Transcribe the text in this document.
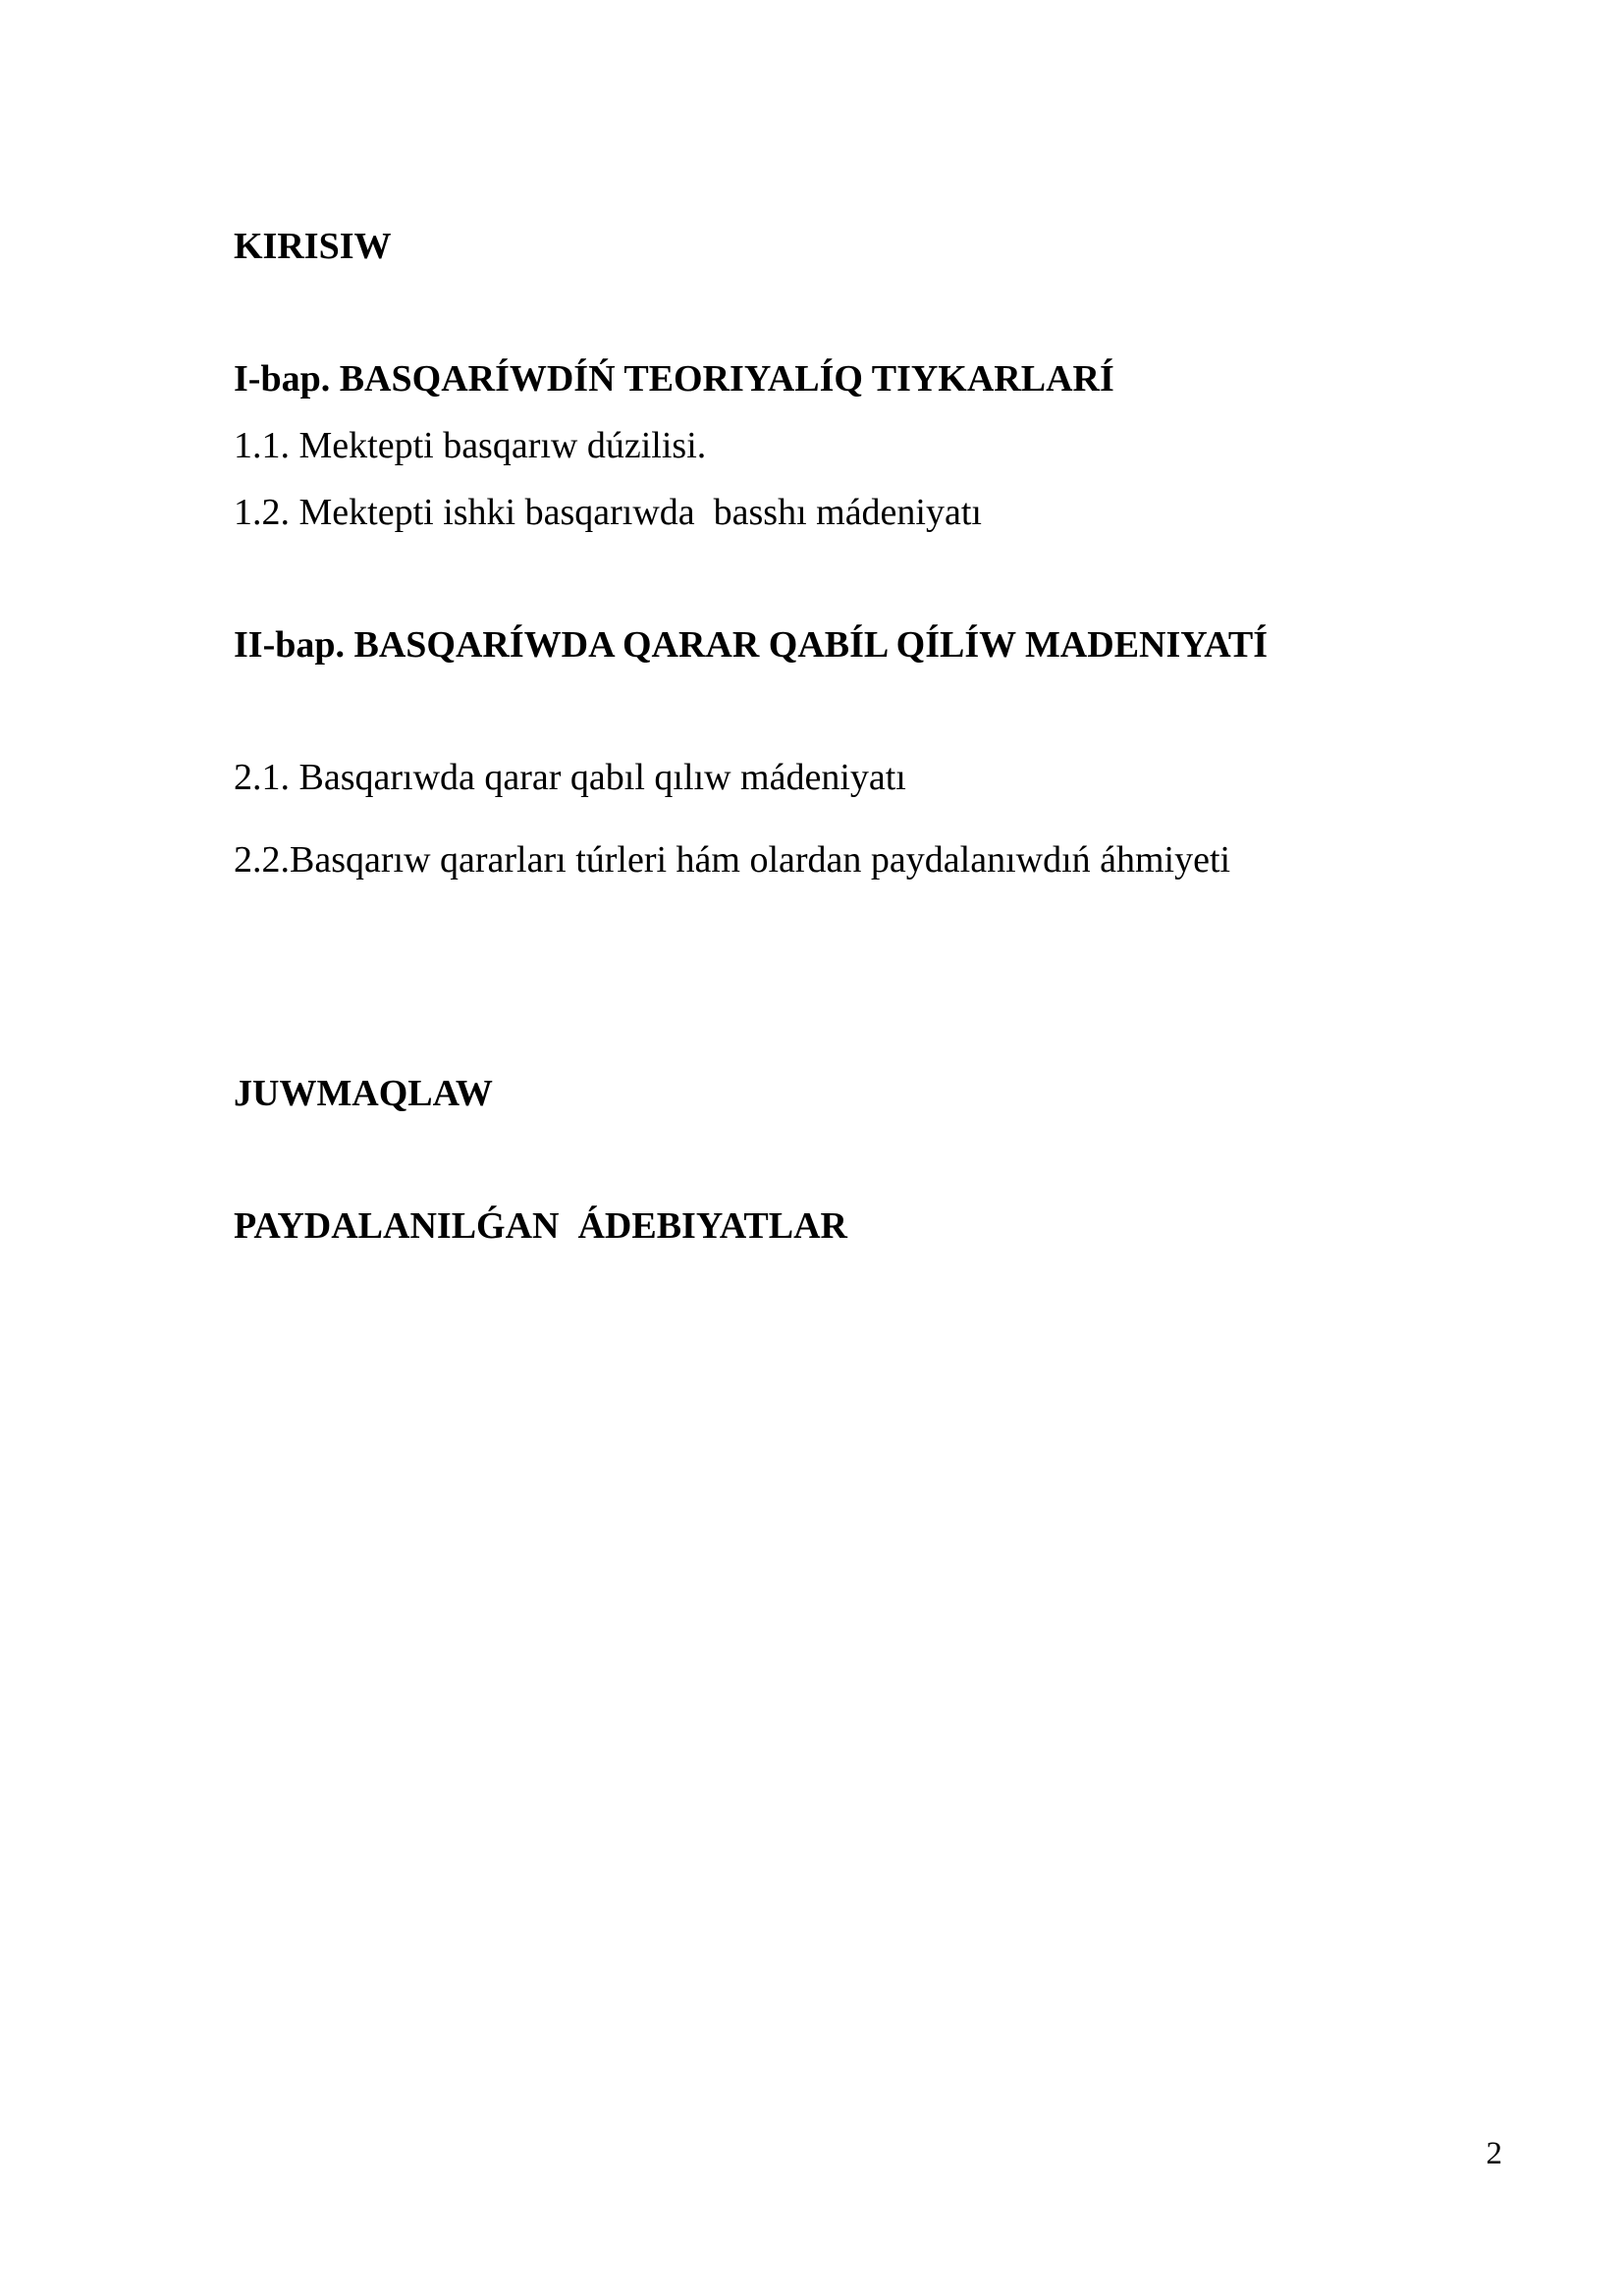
KIRISIW
I-bap. BASQARÍWDÍŃ TEORIYALÍQ TIYKARLARÍ
1.1. Mektepti basqarıw dúzilisi.
1.2. Mektepti ishki basqarıwda  basshı mádeniyatı
II-bap. BASQARÍWDA QARAR QABÍL QÍLÍW MADENIYATÍ
2.1. Basqarıwda qarar qabıl qılıw mádeniyatı
2.2.Basqarıw qararları túrleri hám olardan paydalanıwdıń áhmiyeti
JUWMAQLAW
PAYDALANILǴAN  ÁDEBIYATLAR
2
